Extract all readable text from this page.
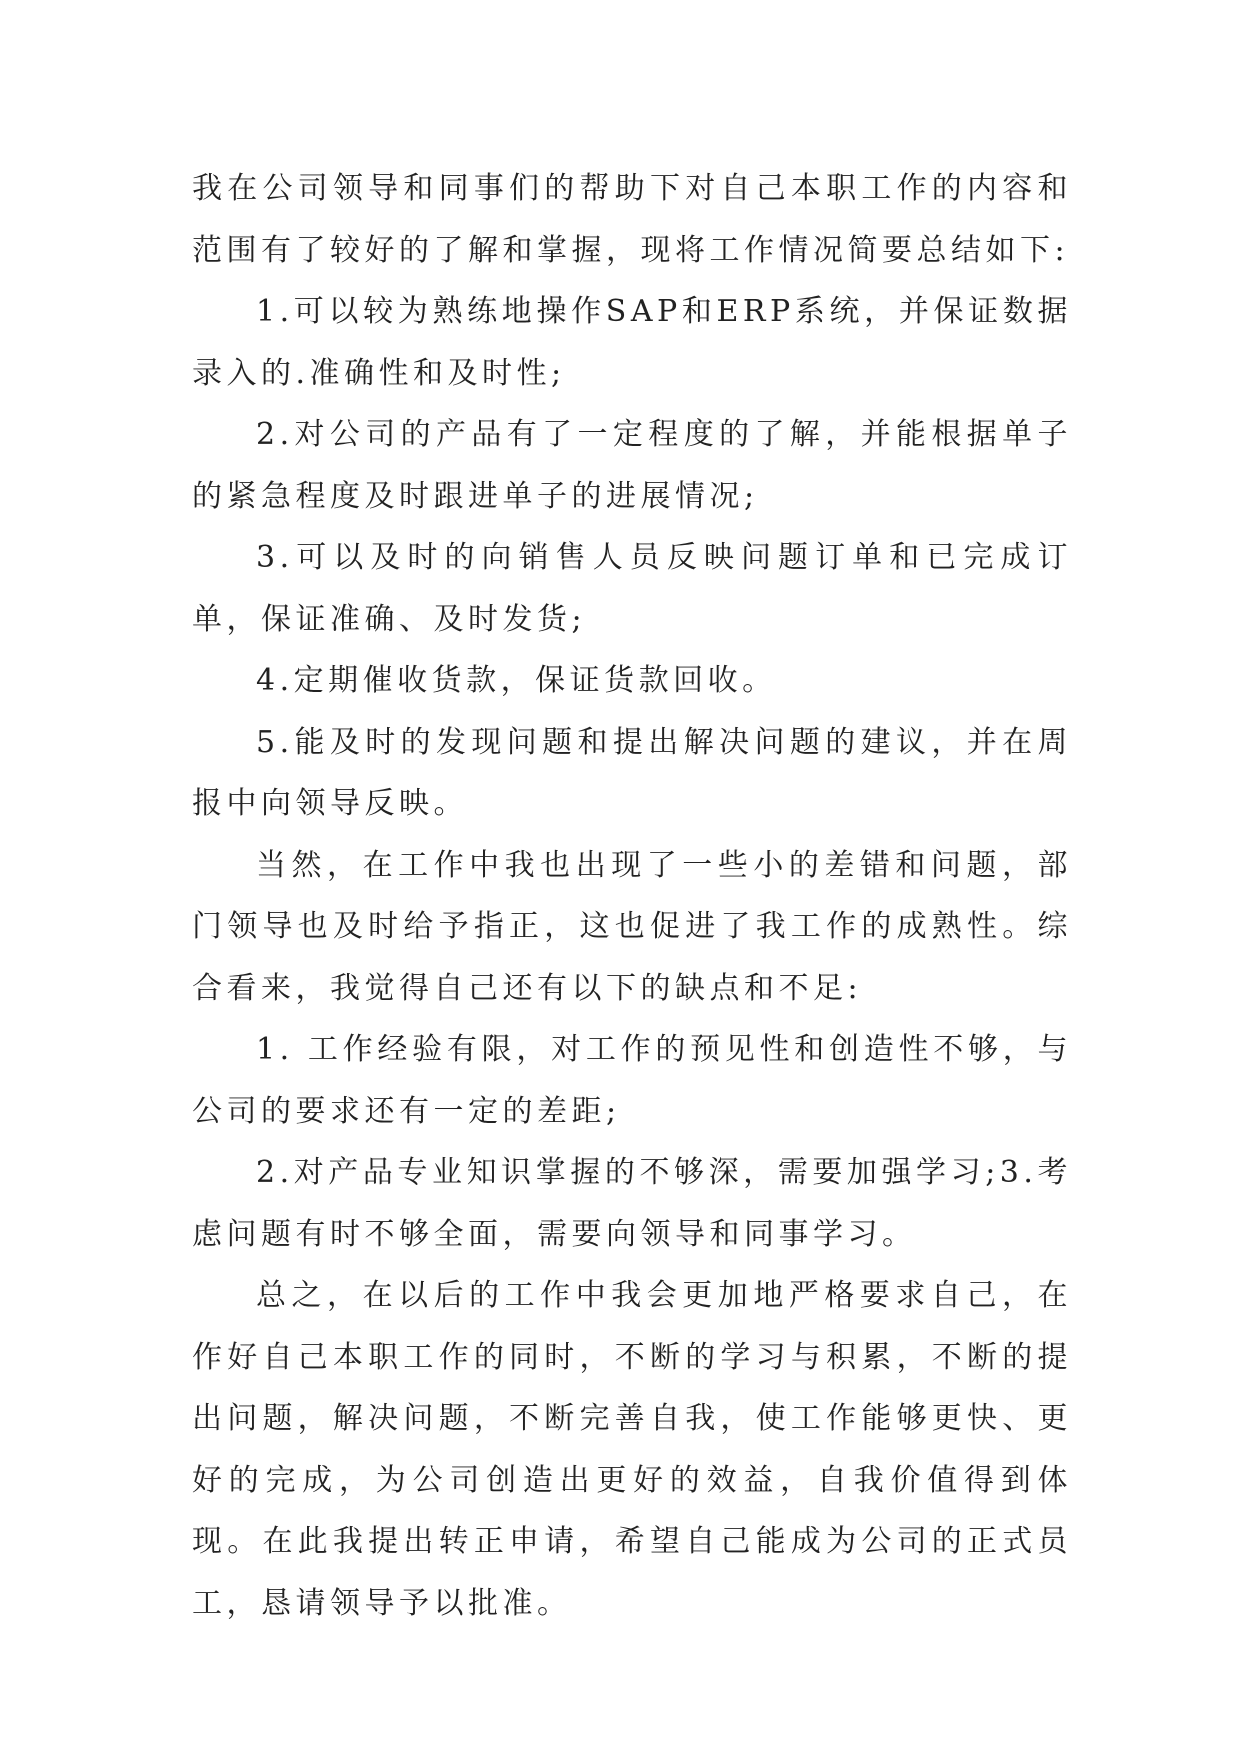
我在公司领导和同事们的帮助下对自己本职工作的内容和范围有了较好的了解和掌握，现将工作情况简要总结如下:

1.可以较为熟练地操作SAP和ERP系统，并保证数据录入的.准确性和及时性;

2.对公司的产品有了一定程度的了解，并能根据单子的紧急程度及时跟进单子的进展情况;

3.可以及时的向销售人员反映问题订单和已完成订单，保证准确、及时发货;

4.定期催收货款，保证货款回收。

5.能及时的发现问题和提出解决问题的建议，并在周报中向领导反映。

当然，在工作中我也出现了一些小的差错和问题，部门领导也及时给予指正，这也促进了我工作的成熟性。综合看来，我觉得自己还有以下的缺点和不足:

1. 工作经验有限，对工作的预见性和创造性不够，与公司的要求还有一定的差距;

2.对产品专业知识掌握的不够深，需要加强学习;3.考虑问题有时不够全面，需要向领导和同事学习。

总之，在以后的工作中我会更加地严格要求自己，在作好自己本职工作的同时，不断的学习与积累，不断的提出问题，解决问题，不断完善自我，使工作能够更快、更好的完成，为公司创造出更好的效益，自我价值得到体现。在此我提出转正申请，希望自己能成为公司的正式员工，恳请领导予以批准。
